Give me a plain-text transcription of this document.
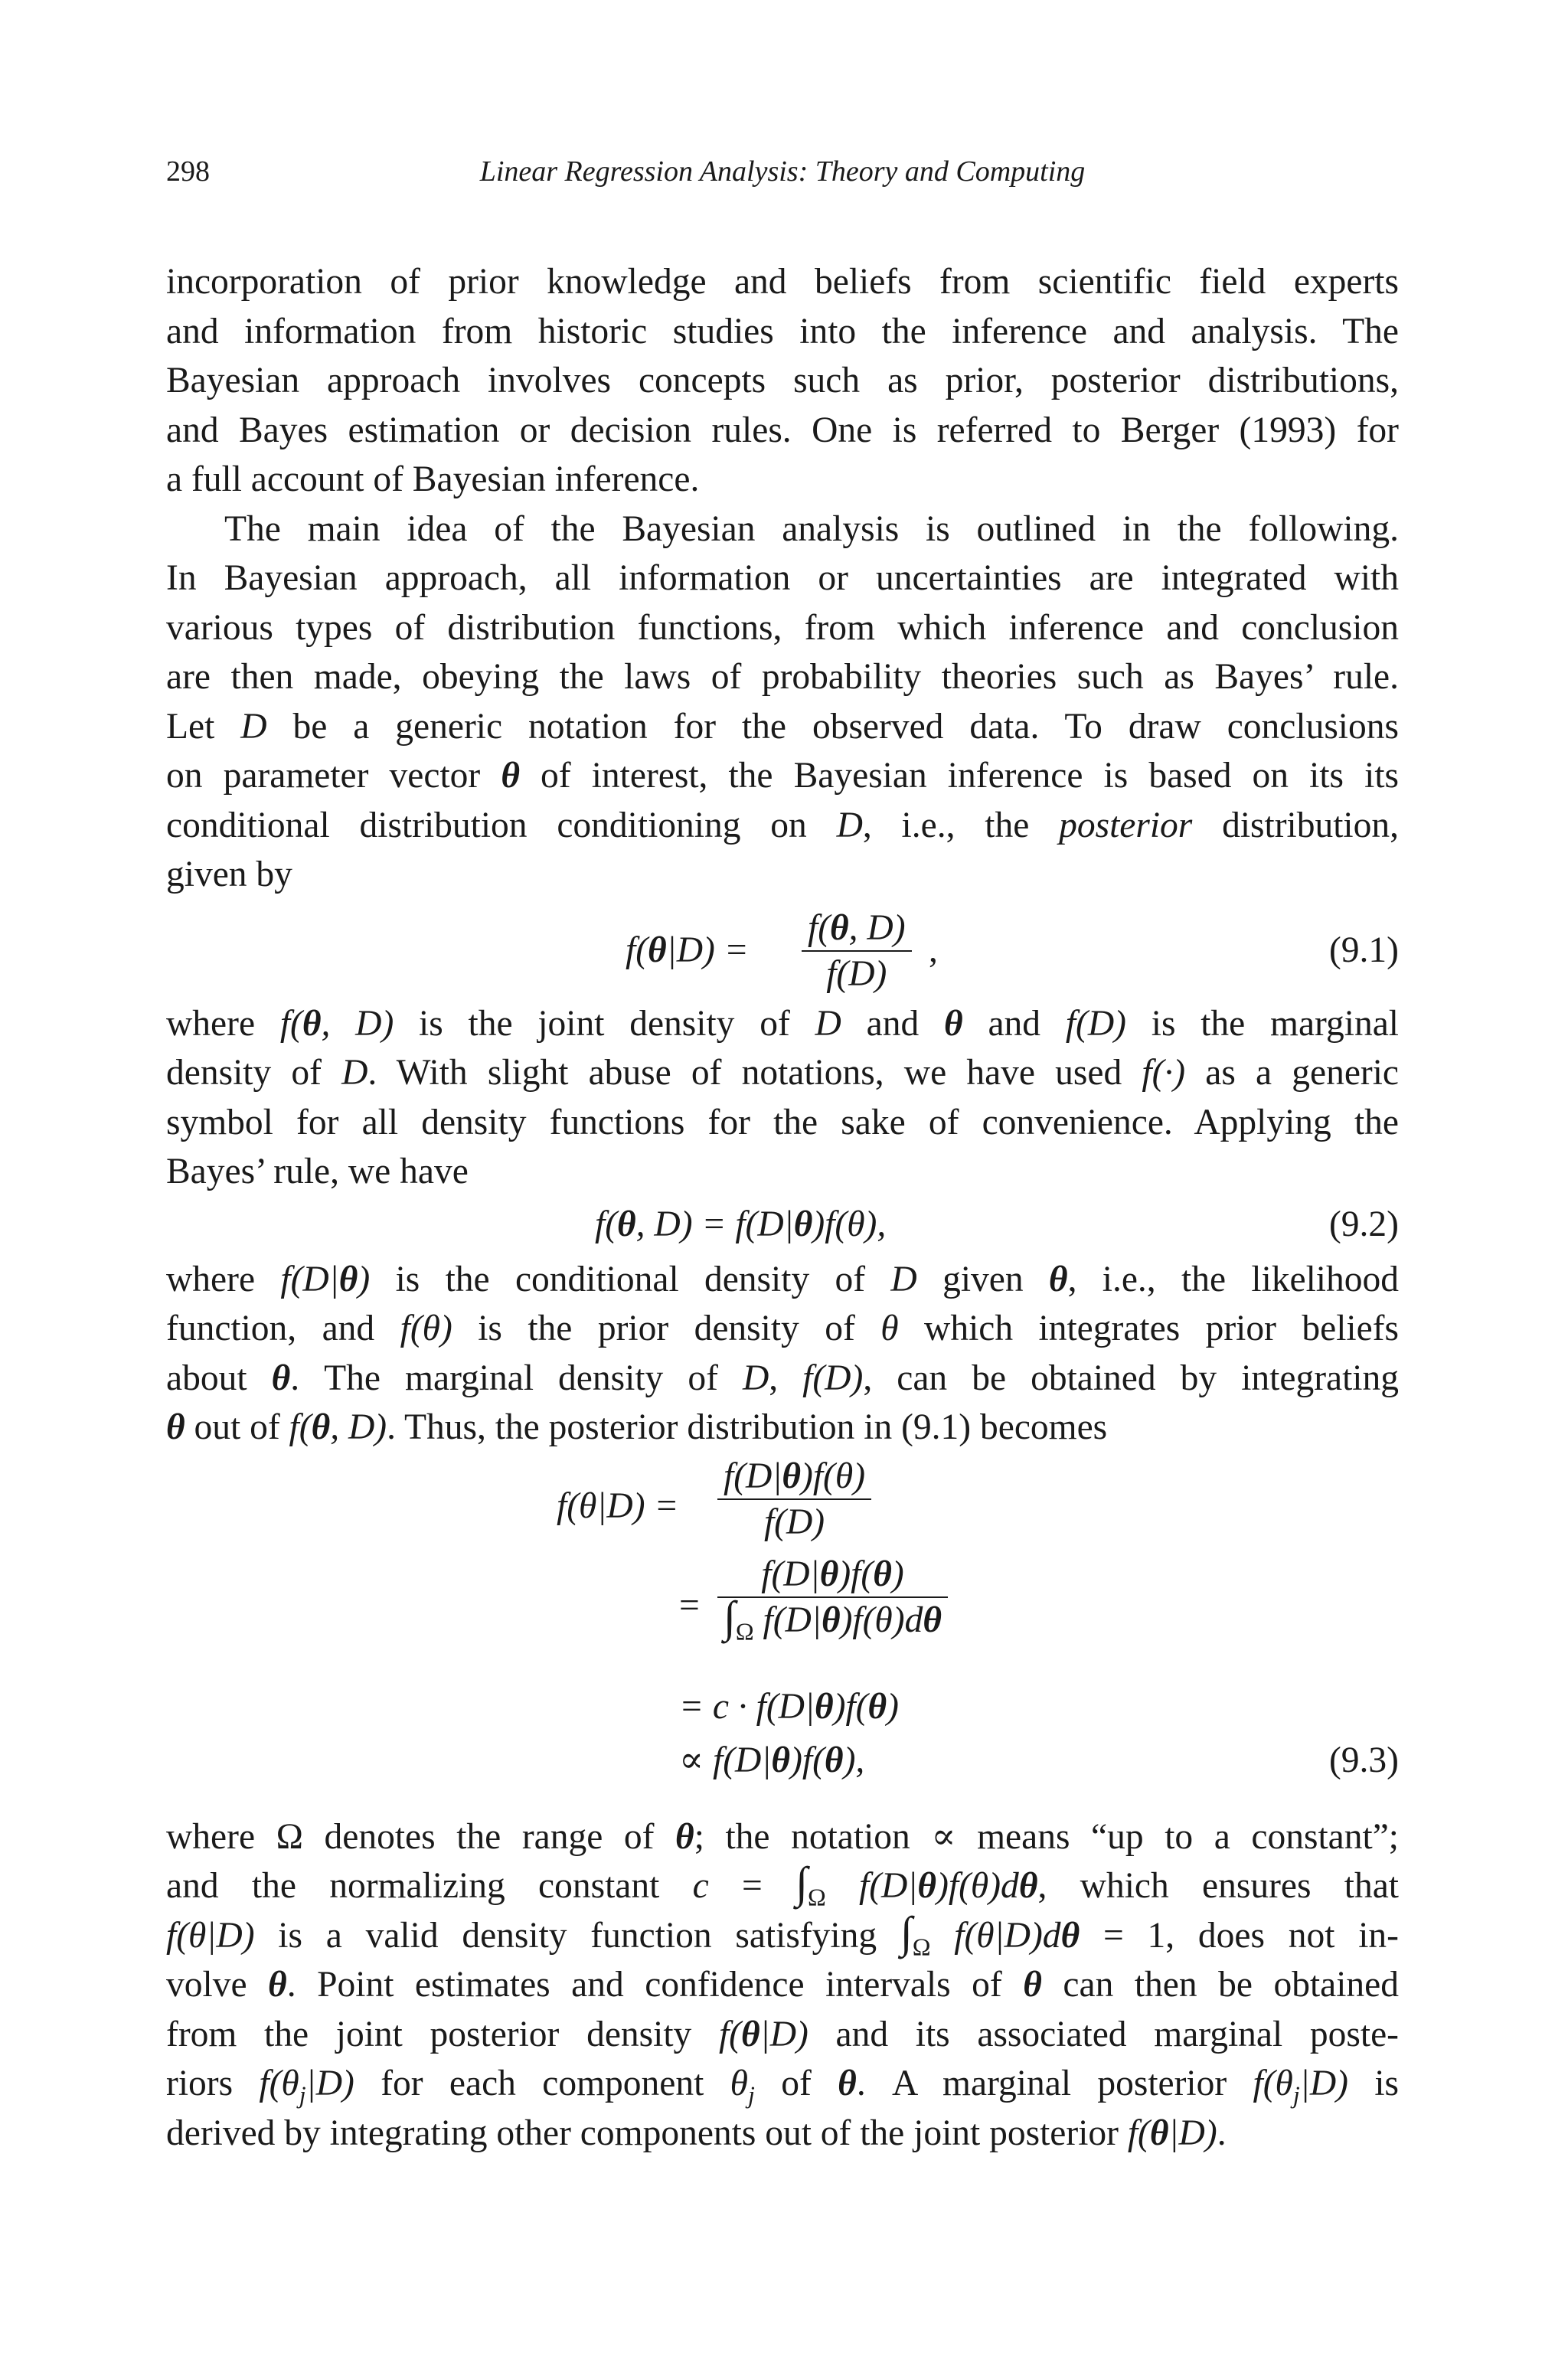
298	Linear Regression Analysis: Theory and Computing
incorporation of prior knowledge and beliefs from scientific field experts
and information from historic studies into the inference and analysis. The
Bayesian approach involves concepts such as prior, posterior distributions,
and Bayes estimation or decision rules. One is referred to Berger (1993) for
a full account of Bayesian inference.
The main idea of the Bayesian analysis is outlined in the following.
In Bayesian approach, all information or uncertainties are integrated with
various types of distribution functions, from which inference and conclusion
are then made, obeying the laws of probability theories such as Bayes’ rule.
Let D be a generic notation for the observed data. To draw conclusions
on parameter vector θ of interest, the Bayesian inference is based on its its
conditional distribution conditioning on D, i.e., the posterior distribution,
given by
$f(\theta|D) = \frac{f(\theta, D)}{f(D)}$ ,	(9.1)
where f(θ, D) is the joint density of D and θ and f(D) is the marginal
density of D. With slight abuse of notations, we have used f(·) as a generic
symbol for all density functions for the sake of convenience. Applying the
Bayes’ rule, we have
f(θ, D) = f(D|θ)f(θ),	(9.2)
where f(D|θ) is the conditional density of D given θ, i.e., the likelihood
function, and f(θ) is the prior density of θ which integrates prior beliefs
about θ. The marginal density of D, f(D), can be obtained by integrating
θ out of f(θ, D). Thus, the posterior distribution in (9.1) becomes
$f(\theta|D) = \frac{f(D|\theta)f(\theta)}{f(D)}$
= $\frac{f(D|\theta)f(\theta)}{\int_\Omega f(D|\theta)f(\theta)d\theta}$
= c · f(D|θ)f(θ)
∝ f(D|θ)f(θ),	(9.3)
where Ω denotes the range of θ; the notation ∝ means “up to a constant”;
and the normalizing constant $c = \int_\Omega$ f(D|θ)f(θ)dθ, which ensures that
f(θ|D) is a valid density function satisfying $\int_\Omega$ f(θ|D)dθ = 1, does not in-
volve θ. Point estimates and confidence intervals of θ can then be obtained
from the joint posterior density f(θ|D) and its associated marginal poste-
riors $f(\theta_j|D)$ for each component $\theta_j$ of θ. A marginal posterior $f(\theta_j|D)$ is
derived by integrating other components out of the joint posterior f(θ|D).
